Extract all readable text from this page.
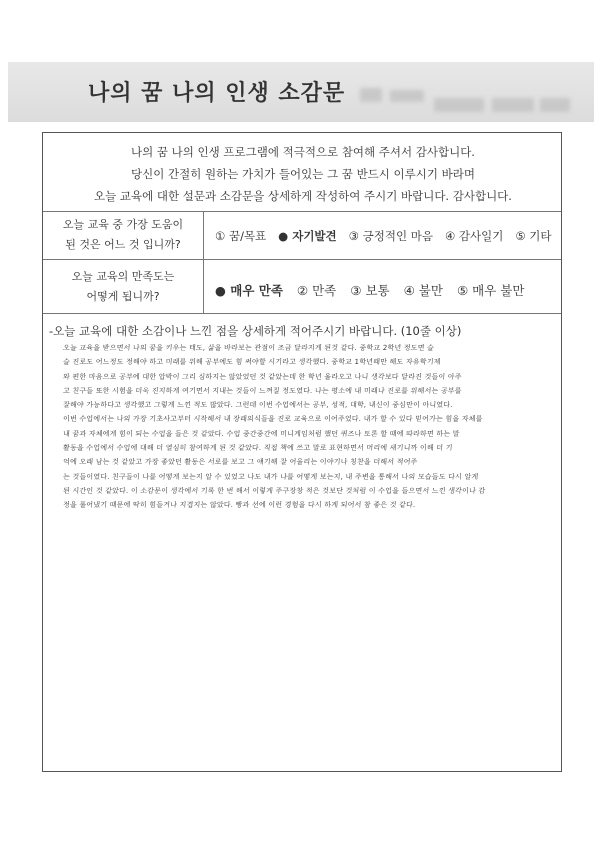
나의 꿈 나의 인생 소감문
나의 꿈 나의 인생 프로그램에 적극적으로 참여해 주셔서 감사합니다.
당신이 간절히 원하는 가치가 들어있는 그 꿈 반드시 이루시기 바라며
오늘 교육에 대한 설문과 소감문을 상세하게 작성하여 주시기 바랍니다. 감사합니다.
오늘 교육 중 가장 도움이
된 것은 어느 것 입니까?
① 꿈/목표 ● 자기발견 ③ 긍정적인 마음 ④ 감사일기 ⑤ 기타
오늘 교육의 만족도는
어떻게 됩니까?	● 매우 만족 ② 만족 ③ 보통 ④ 불만 ⑤ 매우 불만
-오늘 교육에 대한 소감이나 느낀 점을 상세하게 적어주시기 바랍니다. (10줄 이상)
오늘 교육을 받으면서 나의 꿈을 키우는 태도, 삶을 바라보는 관점이 조금 달라지게 된것 같다. 중학교 2학년 정도면 슬
슬 진로도 어느정도 정해야 하고 미래를 위해 공부에도 힘 써야할 시기라고 생각했다. 중학교 1학년때만 해도 자유학기제
와 편한 마음으로 공부에 대한 압박이 그리 심하지는 않았었던 것 같았는데 한 학년 올라오고 나니 생각보다 달라진 것들이 아주
고 친구들 또한 시험을 더욱 진지하게 여기면서 지내는 것들이 느껴질 정도였다. 나는 평소에 내 미래나 진로를 위해서는 공부를
잘해야 가능하다고 생각했고 그렇게 느낀 적도 많았다. 그런데 이번 수업에서는 공부, 성적, 대학, 내신이 중심만이 아니였다.
이번 수업에서는 나의 가장 기초사고부터 시작해서 내 장래의식들을 진로 교육으로 이어주었다. 내가 할 수 있다 믿어가는 힘을 자체를
내 꿈과 자체에게 힘이 되는 수업을 들은 것 같았다. 수업 중간중간에 미니게임처럼 했던 퀴즈나 토론 할 때에 따라하면 하는 말
활동을 수업에서 수업에 대해 더 열심히 참여하게 된 것 같았다. 직접 책에 쓰고 말로 표현하면서 머리에 새기니까 이해 더 기
억에 오래 남는 것 같았고 가장 좋았던 활동은 서로를 보고 그 얘기해 잘 어울리는 이야기나 칭찬을 더해서 적어주
는 것들이였다. 친구들이 나를 어떻게 보는지 알 수 있었고 나도 내가 나를 어떻게 보는지, 내 주변을 통해서 나의 모습들도 다시 알게
된 시간인 것 같았다. 이 소감문이 생각에서 기록 한 번 해서 이렇게 주구장창 적은 것보단 것처럼 이 수업을 들으면서 느낀 생각이나 감
정을 풀어냈기 때문에 딱히 힘들거나 지겹지는 않았다. 빵과 선에 이런 경험을 다시 하게 되어서 참 좋은 것 같다.
